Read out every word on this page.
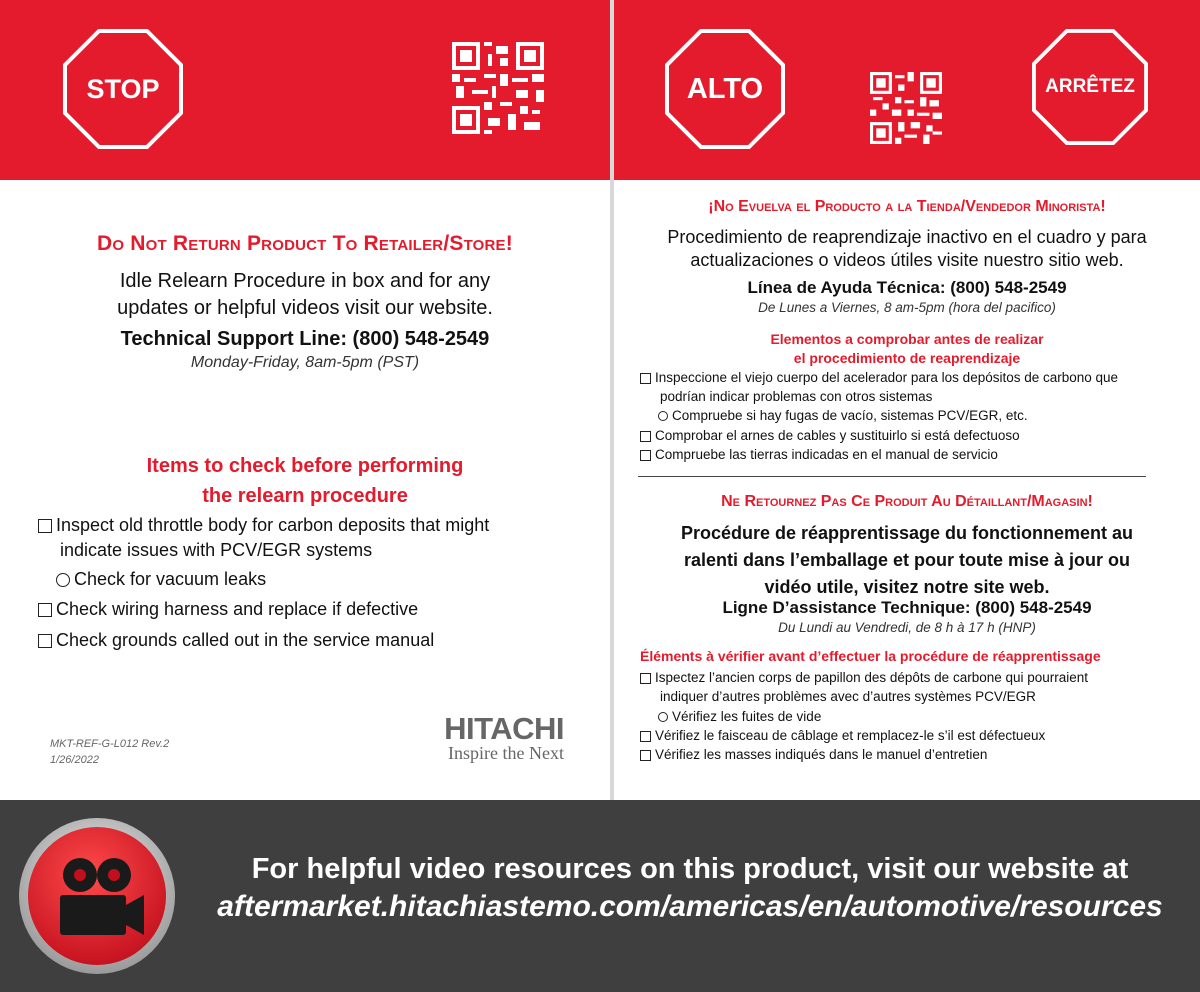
STOP	ALTO	ARRÊTEZ
Do Not Return Product To Retailer/Store!
Idle Relearn Procedure in box and for any
updates or helpful videos visit our website.
Technical Support Line: (800) 548-2549
Monday-Friday, 8am-5pm (PST)
Items to check before performing
the relearn procedure
Inspect old throttle body for carbon deposits that might
indicate issues with PCV/EGR systems
Check for vacuum leaks
Check wiring harness and replace if defective
Check grounds called out in the service manual
MKT-REF-G-L012 Rev.2
1/26/2022
HITACHI
Inspire the Next
¡No Evuelva el Producto a la Tienda/Vendedor Minorista!
Procedimiento de reaprendizaje inactivo en el cuadro y para
actualizaciones o videos útiles visite nuestro sitio web.
Línea de Ayuda Técnica: (800) 548-2549
De Lunes a Viernes, 8 am-5pm (hora del pacifico)
Elementos a comprobar antes de realizar
el procedimiento de reaprendizaje
Inspeccione el viejo cuerpo del acelerador para los depósitos de carbono que
podrían indicar problemas con otros sistemas
Compruebe si hay fugas de vacío, sistemas PCV/EGR, etc.
Comprobar el arnes de cables y sustituirlo si está defectuoso
Compruebe las tierras indicadas en el manual de servicio
Ne Retournez Pas Ce Produit Au Détaillant/Magasin!
Procédure de réapprentissage du fonctionnement au
ralenti dans l’emballage et pour toute mise à jour ou
vidéo utile, visitez notre site web.
Ligne D’assistance Technique: (800) 548-2549
Du Lundi au Vendredi, de 8 h à 17 h (HNP)
Éléments à vérifier avant d’effectuer la procédure de réapprentissage
Ispectez l’ancien corps de papillon des dépôts de carbone qui pourraient
indiquer d’autres problèmes avec d’autres systèmes PCV/EGR
Vérifiez les fuites de vide
Vérifiez le faisceau de câblage et remplacez-le s’il est défectueux
Vérifiez les masses indiqués dans le manuel d’entretien
For helpful video resources on this product, visit our website at
aftermarket.hitachiastemo.com/americas/en/automotive/resources
